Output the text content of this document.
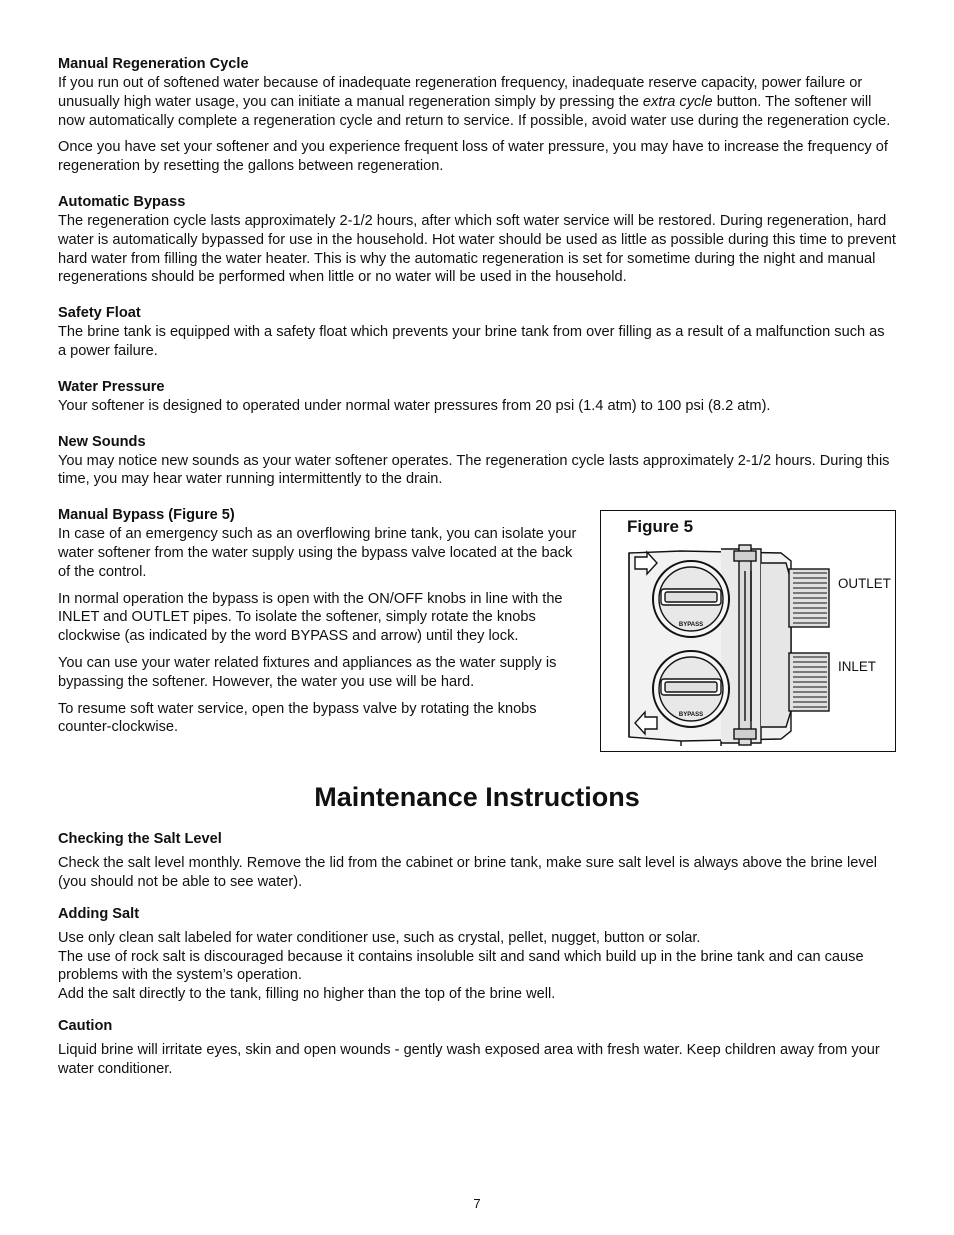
Manual Regeneration Cycle

If you run out of softened water because of inadequate regeneration frequency, inadequate reserve capacity, power failure or unusually high water usage, you can initiate a manual regeneration simply by pressing the extra cycle button. The softener will now automatically complete a regeneration cycle and return to service. If possible, avoid water use during the regeneration cycle.

Once you have set your softener and you experience frequent loss of water pressure, you may have to increase the frequency of regeneration by resetting the gallons between regeneration.

Automatic Bypass

The regeneration cycle lasts approximately 2-1/2 hours, after which soft water service will be restored. During regeneration, hard water is automatically bypassed for use in the household. Hot water should be used as little as possible during this time to prevent hard water from filling the water heater. This is why the automatic regeneration is set for sometime during the night and manual regenerations should be performed when little or no water will be used in the household.

Safety Float

The brine tank is equipped with a safety float which prevents your brine tank from over filling as a result of a malfunction such as a power failure.

Water Pressure

Your softener is designed to operated under normal water pressures from 20 psi (1.4 atm) to 100 psi (8.2 atm).

New Sounds

You may notice new sounds as your water softener operates. The regeneration cycle lasts approximately 2-1/2 hours. During this time, you may hear water running intermittently to the drain.

Manual Bypass (Figure 5)

In case of an emergency such as an overflowing brine tank, you can isolate your water softener from the water supply using the bypass valve located at the back of the control.

In normal operation the bypass is open with the ON/OFF knobs in line with the INLET and OUTLET pipes. To isolate the softener, simply rotate the knobs clockwise (as indicated by the word BYPASS and arrow) until they lock.

You can use your water related fixtures and appliances as the water supply is bypassing the softener. However, the water you use will be hard.

To resume soft water service, open the bypass valve by rotating the knobs counter-clockwise.

Figure 5
BYPASS
BYPASS
OUTLET
INLET
Maintenance Instructions
Checking the Salt Level

Check the salt level monthly. Remove the lid from the cabinet or brine tank, make sure salt level is always above the brine level (you should not be able to see water).

Adding Salt

Use only clean salt labeled for water conditioner use, such as crystal, pellet, nugget, button or solar.

The use of rock salt is discouraged because it contains insoluble silt and sand which build up in the brine tank and can cause problems with the system’s operation.

Add the salt directly to the tank, filling no higher than the top of the brine well.

Caution

Liquid brine will irritate eyes, skin and open wounds - gently wash exposed area with fresh water. Keep children away from your water conditioner.

7
